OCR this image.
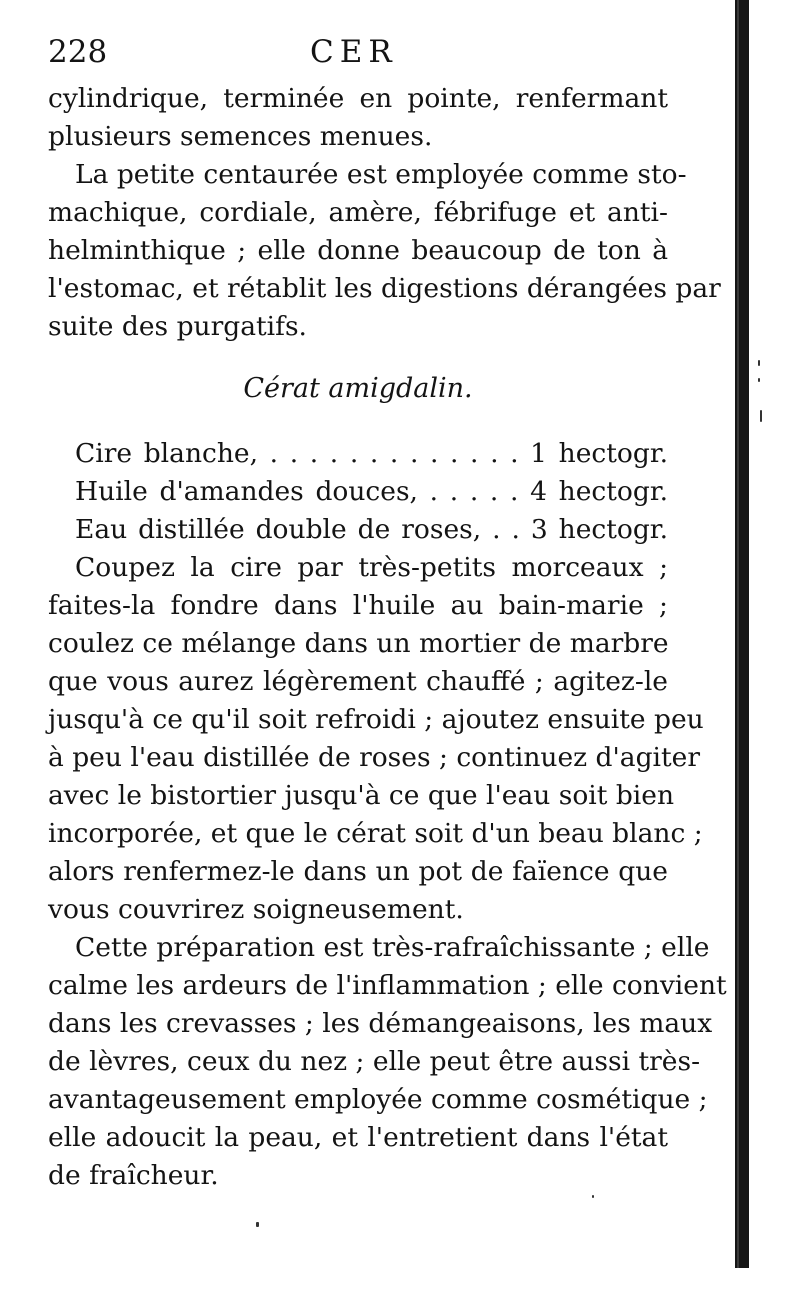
228	CER
cylindrique, terminée en pointe, renfermant
plusieurs semences menues.
La petite centaurée est employée comme sto-
machique, cordiale, amère, fébrifuge et anti-
helminthique ; elle donne beaucoup de ton à
l'estomac, et rétablit les digestions dérangées par
suite des purgatifs.
Cérat amigdalin.
Cire blanche, . . . . . . . . . . . . . 1 hectogr.
Huile d'amandes douces, . . . . . 4 hectogr.
Eau distillée double de roses, . . 3 hectogr.
Coupez la cire par très-petits morceaux ;
faites-la fondre dans l'huile au bain-marie ;
coulez ce mélange dans un mortier de marbre
que vous aurez légèrement chauffé ; agitez-le
jusqu'à ce qu'il soit refroidi ; ajoutez ensuite peu
à peu l'eau distillée de roses ; continuez d'agiter
avec le bistortier jusqu'à ce que l'eau soit bien
incorporée, et que le cérat soit d'un beau blanc ;
alors renfermez-le dans un pot de faïence que
vous couvrirez soigneusement.
Cette préparation est très-rafraîchissante ; elle
calme les ardeurs de l'inflammation ; elle convient
dans les crevasses ; les démangeaisons, les maux
de lèvres, ceux du nez ; elle peut être aussi très-
avantageusement employée comme cosmétique ;
elle adoucit la peau, et l'entretient dans l'état
de fraîcheur.
